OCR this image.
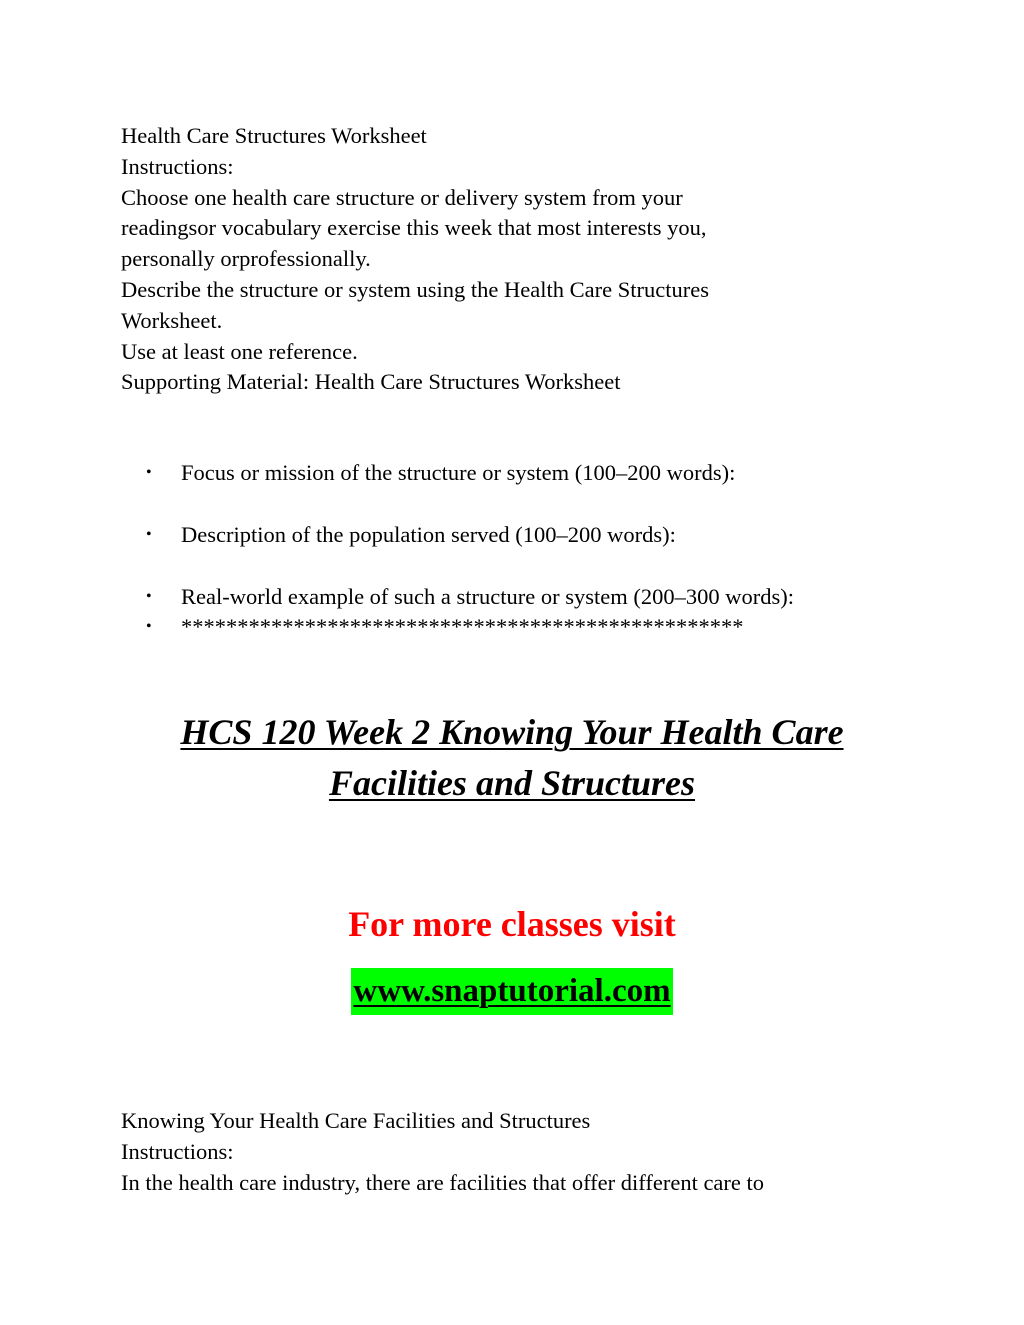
Health Care Structures Worksheet

Instructions:

Choose one health care structure or delivery system from your

readingsor vocabulary exercise this week that most interests you,

personally orprofessionally.

Describe the structure or system using the Health Care Structures

Worksheet.

Use at least one reference.

Supporting Material: Health Care Structures Worksheet

• Focus or mission of the structure or system (100–200 words):
• Description of the population served (100–200 words):
• Real-world example of such a structure or system (200–300 words):
• **************************************************
HCS 120 Week 2 Knowing Your Health Care
Facilities and Structures
For more classes visit
www.snaptutorial.com

Knowing Your Health Care Facilities and Structures

Instructions:

In the health care industry, there are facilities that offer different care to
